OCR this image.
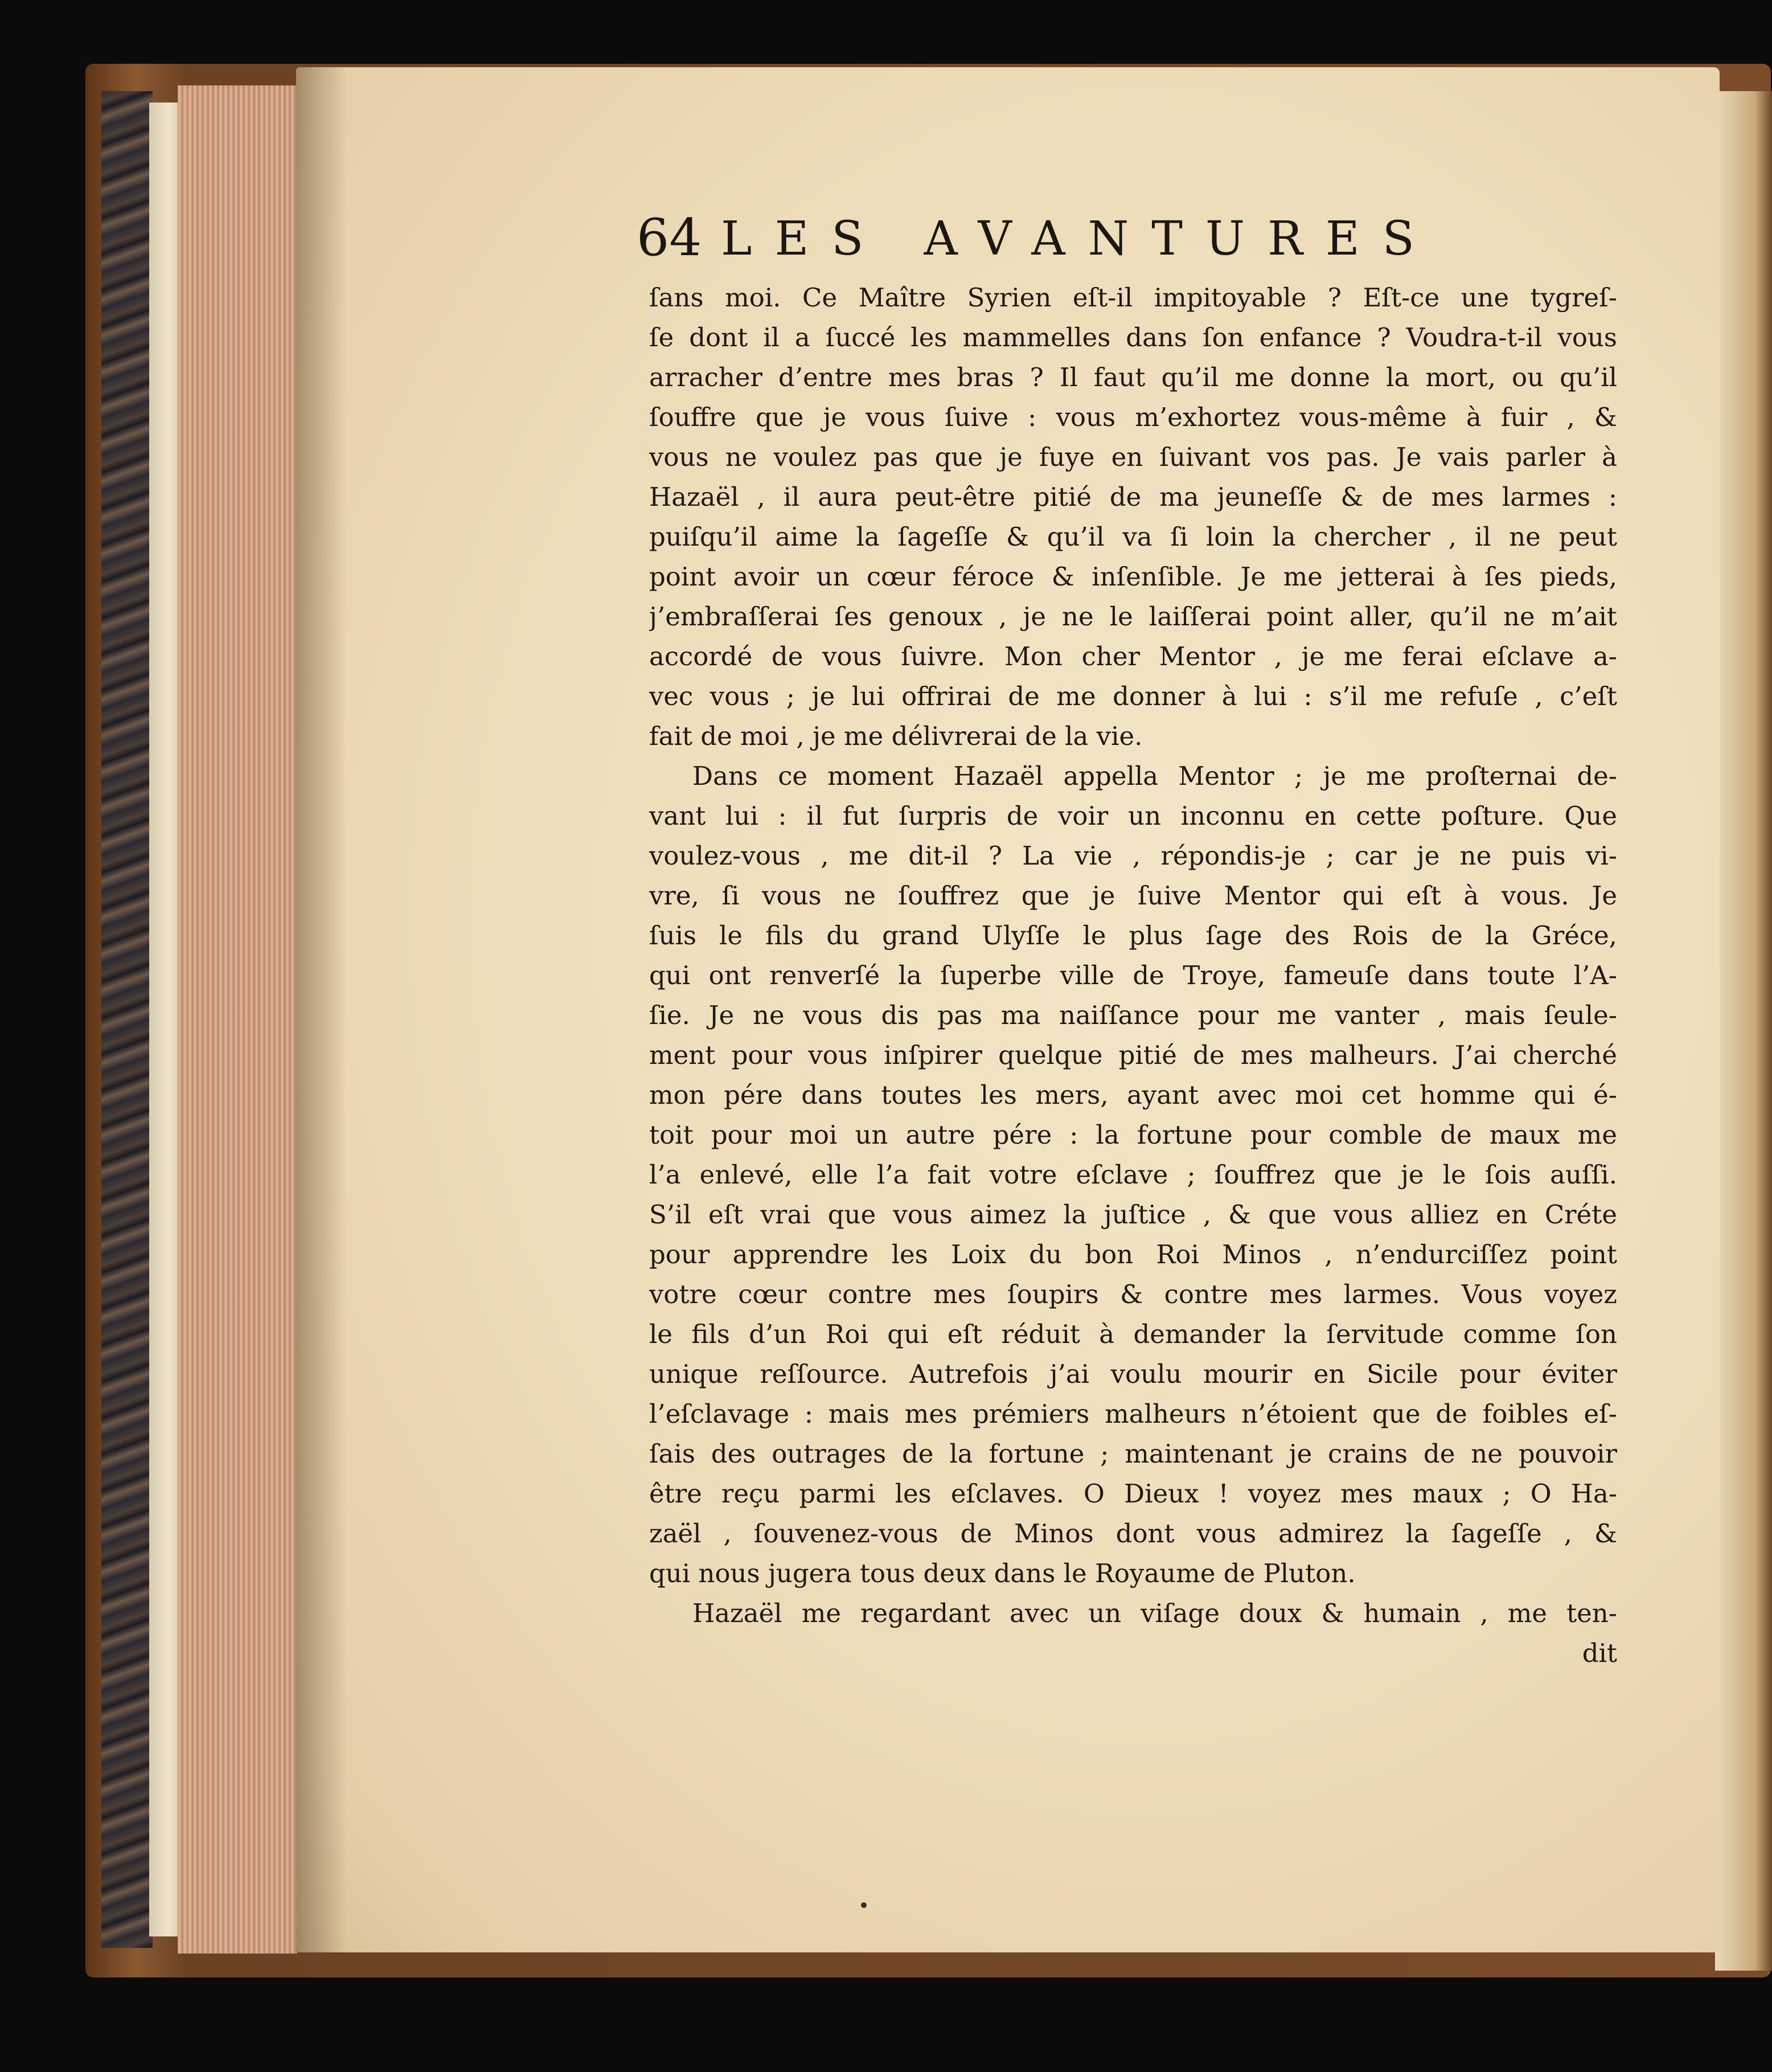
64 LES AVANTURES
ſans moi. Ce Maître Syrien eſt-il impitoyable ? Eſt-ce une tygreſ-
ſe dont il a ſuccé les mammelles dans ſon enfance ? Voudra-t-il vous
arracher d’entre mes bras ? Il faut qu’il me donne la mort, ou qu’il
ſouffre que je vous ſuive : vous m’exhortez vous-même à fuir , &
vous ne voulez pas que je fuye en ſuivant vos pas. Je vais parler à
Hazaël , il aura peut-être pitié de ma jeuneſſe & de mes larmes :
puiſqu’il aime la ſageſſe & qu’il va ſi loin la chercher , il ne peut
point avoir un cœur féroce & inſenſible. Je me jetterai à ſes pieds,
j’embraſſerai ſes genoux , je ne le laiſſerai point aller, qu’il ne m’ait
accordé de vous ſuivre. Mon cher Mentor , je me ferai eſclave a-
vec vous ; je lui offrirai de me donner à lui : s’il me refuſe , c’eſt
fait de moi , je me délivrerai de la vie.
Dans ce moment Hazaël appella Mentor ; je me proſternai de-
vant lui : il fut ſurpris de voir un inconnu en cette poſture. Que
voulez-vous , me dit-il ? La vie , répondis-je ; car je ne puis vi-
vre, ſi vous ne ſouffrez que je ſuive Mentor qui eſt à vous. Je
ſuis le fils du grand Ulyſſe le plus ſage des Rois de la Gréce,
qui ont renverſé la ſuperbe ville de Troye, fameuſe dans toute l’A-
ſie. Je ne vous dis pas ma naiſſance pour me vanter , mais ſeule-
ment pour vous inſpirer quelque pitié de mes malheurs. J’ai cherché
mon pére dans toutes les mers, ayant avec moi cet homme qui é-
toit pour moi un autre pére : la fortune pour comble de maux me
l’a enlevé, elle l’a fait votre eſclave ; ſouffrez que je le ſois auſſi.
S’il eſt vrai que vous aimez la juſtice , & que vous alliez en Créte
pour apprendre les Loix du bon Roi Minos , n’endurciſſez point
votre cœur contre mes ſoupirs & contre mes larmes. Vous voyez
le fils d’un Roi qui eſt réduit à demander la ſervitude comme ſon
unique reſſource. Autrefois j’ai voulu mourir en Sicile pour éviter
l’eſclavage : mais mes prémiers malheurs n’étoient que de foibles eſ-
ſais des outrages de la fortune ; maintenant je crains de ne pouvoir
être reçu parmi les eſclaves. O Dieux ! voyez mes maux ; O Ha-
zaël , ſouvenez-vous de Minos dont vous admirez la ſageſſe , &
qui nous jugera tous deux dans le Royaume de Pluton.
Hazaël me regardant avec un viſage doux & humain , me ten-
dit
